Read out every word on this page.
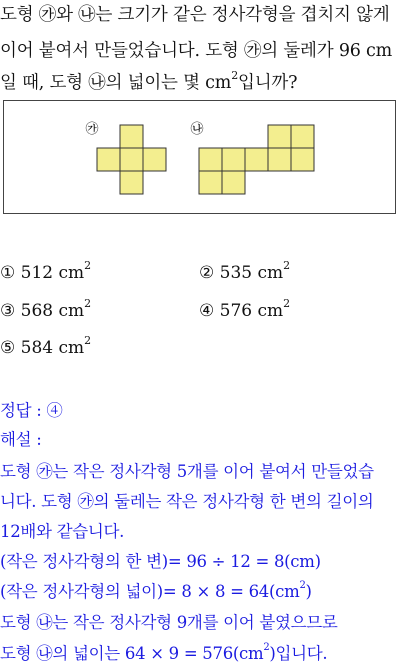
도형 ㉮와 ㉯는 크기가 같은 정사각형을 겹치지 않게
이어 붙여서 만들었습니다. 도형 ㉮의 둘레가 96 cm
일 때, 도형 ㉯의 넓이는 몇 $cm^2$입니까?
㉮	㉯
① 512 $cm^2$	② 535 $cm^2$
③ 568 $cm^2$	④ 576 $cm^2$
⑤ 584 $cm^2$
정답 : ④
해설 :
도형 ㉮는 작은 정사각형 5개를 이어 붙여서 만들었습
니다. 도형 ㉮의 둘레는 작은 정사각형 한 변의 길이의
12배와 같습니다.
(작은 정사각형의 한 변)= 96 ÷ 12 = 8(cm)
(작은 정사각형의 넓이)= $8 \times 8 = 64(cm^2)$
도형 ㉯는 작은 정사각형 9개를 이어 붙였으므로
도형 ㉯의 넓이는 $64 \times 9 = 576(cm^2)$입니다.
